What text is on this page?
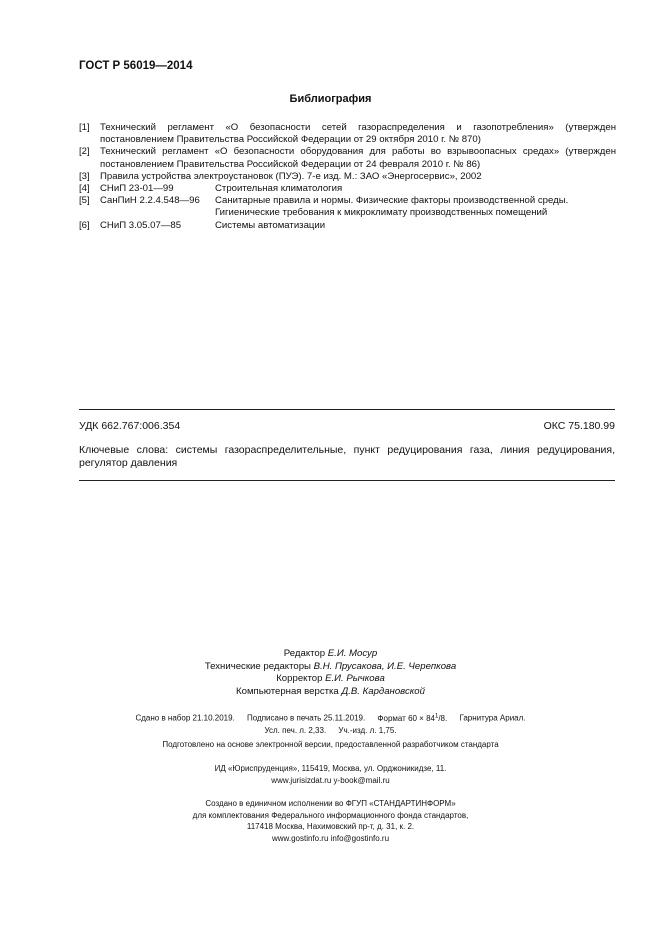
ГОСТ Р 56019—2014
Библиография
[1]	Технический регламент «О безопасности сетей газораспределения и газопотребления» (утвержден постановлением Правительства Российской Федерации от 29 октября 2010 г. № 870)
[2]	Технический регламент «О безопасности оборудования для работы во взрывоопасных средах» (утвержден постановлением Правительства Российской Федерации от 24 февраля 2010 г. № 86)
[3]	Правила устройства электроустановок (ПУЭ). 7-е изд. М.: ЗАО «Энергосервис», 2002
[4]	СНиП 23-01—99	Строительная климатология
[5]	СанПиН 2.2.4.548—96	Санитарные правила и нормы. Физические факторы производственной среды. Гигиенические требования к микроклимату производственных помещений
[6]	СНиП 3.05.07—85	Системы автоматизации
УДК 662.767:006.354	ОКС 75.180.99
Ключевые слова: системы газораспределительные, пункт редуцирования газа, линия редуцирования, регулятор давления
Редактор Е.И. Мосур
Технические редакторы В.Н. Прусакова, И.Е. Черепкова
Корректор Е.И. Рычкова
Компьютерная верстка Д.В. Кардановской
Сдано в набор 21.10.2019. Подписано в печать 25.11.2019. Формат $60 \times 84^1/8$. Гарнитура Ариал.
Усл. печ. л. 2,33. Уч.-изд. л. 1,75.
Подготовлено на основе электронной версии, предоставленной разработчиком стандарта
ИД «Юриспруденция», 115419, Москва, ул. Орджоникидзе, 11.
www.jurisizdat.ru y-book@mail.ru
Создано в единичном исполнении во ФГУП «СТАНДАРТИНФОРМ»
для комплектования Федерального информационного фонда стандартов,
117418 Москва, Нахимовский пр-т, д. 31, к. 2.
www.gostinfo.ru info@gostinfo.ru
